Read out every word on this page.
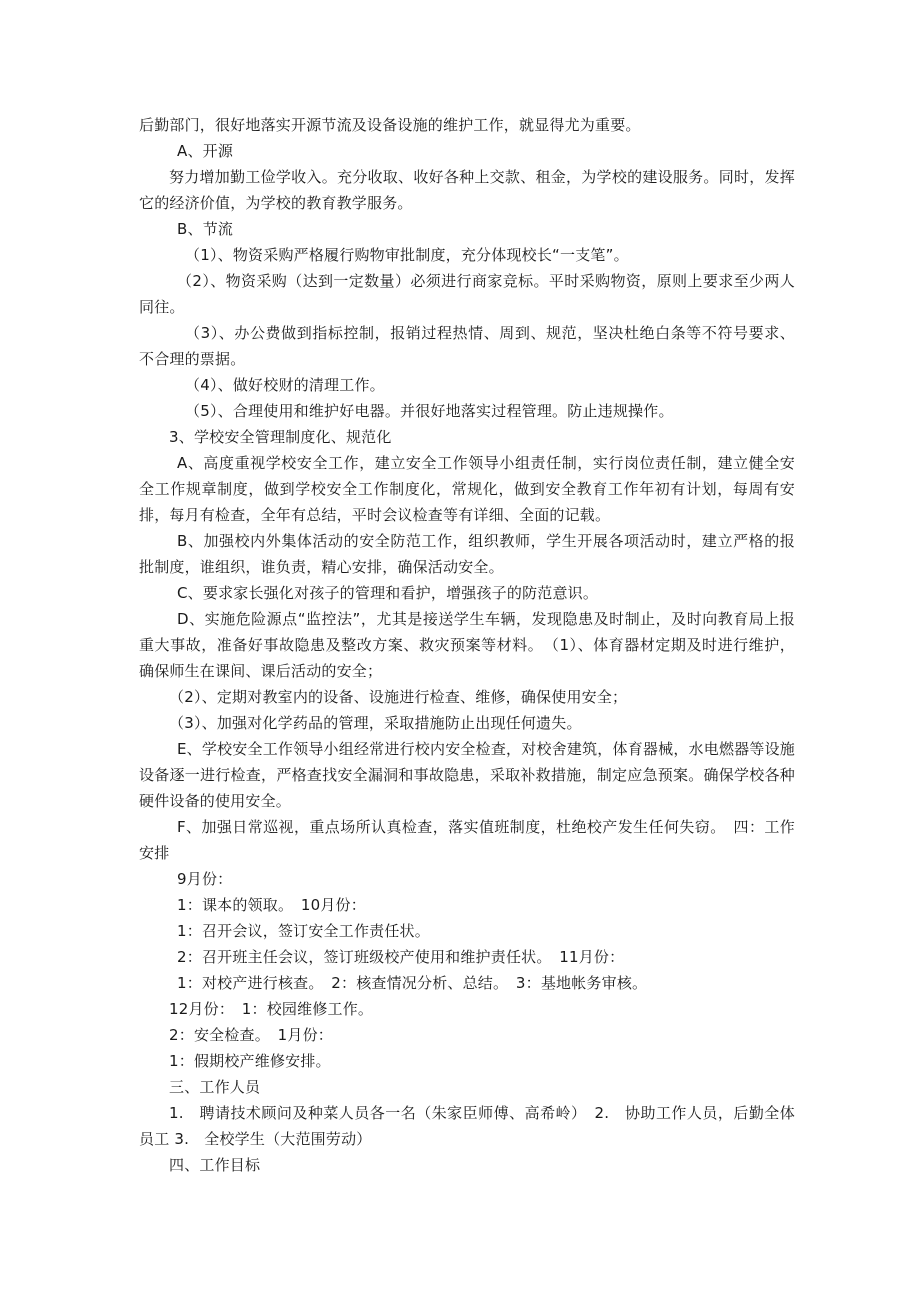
后勤部门，很好地落实开源节流及设备设施的维护工作，就显得尤为重要。

A、开源

努力增加勤工俭学收入。充分收取、收好各种上交款、租金，为学校的建设服务。同时，发挥它的经济价值，为学校的教育教学服务。

B、节流

（1）、物资采购严格履行购物审批制度，充分体现校长“一支笔”。

（2）、物资采购（达到一定数量）必须进行商家竞标。平时采购物资，原则上要求至少两人同往。

（3）、办公费做到指标控制，报销过程热情、周到、规范，坚决杜绝白条等不符号要求、不合理的票据。

（4）、做好校财的清理工作。

（5）、合理使用和维护好电器。并很好地落实过程管理。防止违规操作。

3、学校安全管理制度化、规范化

A、高度重视学校安全工作，建立安全工作领导小组责任制，实行岗位责任制，建立健全安全工作规章制度，做到学校安全工作制度化，常规化，做到安全教育工作年初有计划，每周有安排，每月有检查，全年有总结，平时会议检查等有详细、全面的记载。

B、加强校内外集体活动的安全防范工作，组织教师，学生开展各项活动时，建立严格的报批制度，谁组织，谁负责，精心安排，确保活动安全。

C、要求家长强化对孩子的管理和看护，增强孩子的防范意识。

D、实施危险源点“监控法”，尤其是接送学生车辆，发现隐患及时制止，及时向教育局上报重大事故，准备好事故隐患及整改方案、救灾预案等材料。　（1）、体育器材定期及时进行维护，确保师生在课间、课后活动的安全；

（2）、定期对教室内的设备、设施进行检查、维修，确保使用安全；

（3）、加强对化学药品的管理，采取措施防止出现任何遗失。

E、学校安全工作领导小组经常进行校内安全检查，对校舍建筑，体育器械，水电燃器等设施设备逐一进行检查，严格查找安全漏洞和事故隐患，采取补救措施，制定应急预案。确保学校各种硬件设备的使用安全。

F、加强日常巡视，重点场所认真检查，落实值班制度，杜绝校产发生任何失窃。　四：工作安排

9月份：

1：课本的领取。　10月份：

1：召开会议，签订安全工作责任状。

2：召开班主任会议，签订班级校产使用和维护责任状。　11月份：

1：对校产进行核查。　2：核查情况分析、总结。　3：基地帐务审核。

12月份：　1：校园维修工作。

2：安全检查。　1月份：

1：假期校产维修安排。

三、工作人员

1.　聘请技术顾问及种菜人员各一名（朱家臣师傅、高希岭）　2.　协助工作人员，后勤全体员工 3.　全校学生（大范围劳动）

四、工作目标
